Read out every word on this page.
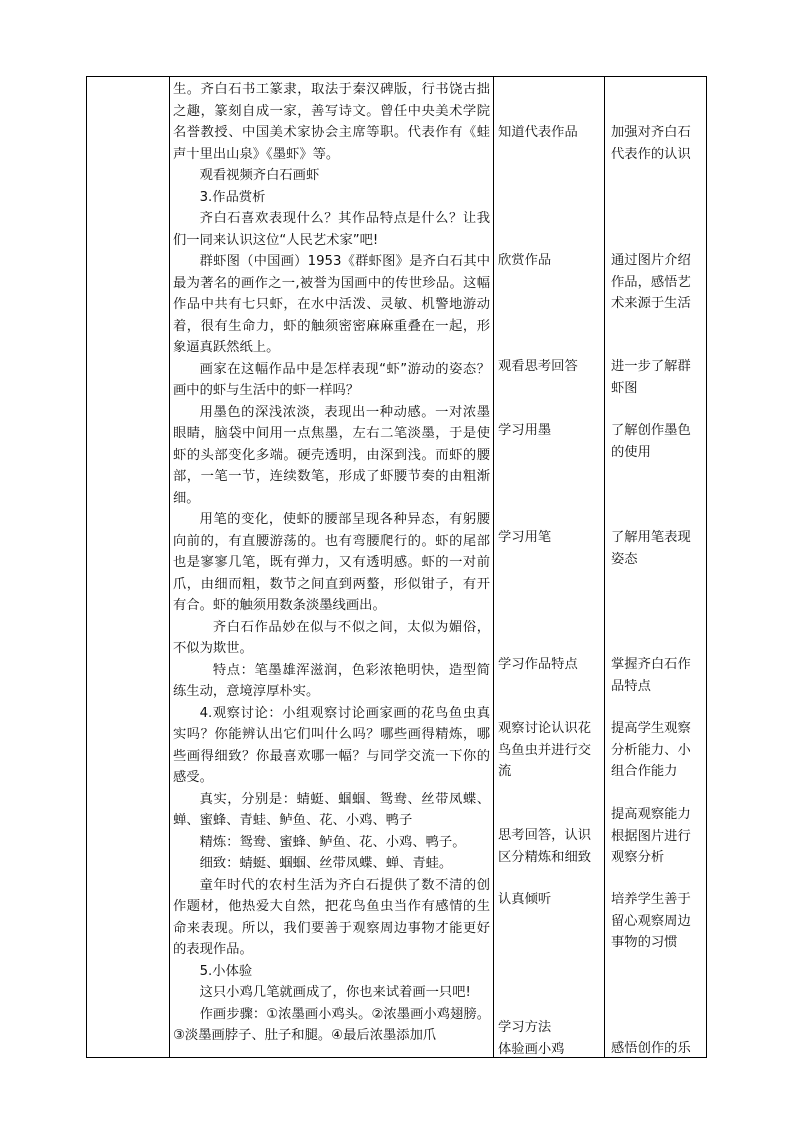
生。齐白石书工篆隶，取法于秦汉碑版，行书饶古拙之趣，篆刻自成一家，善写诗文。曾任中央美术学院名誉教授、中国美术家协会主席等职。代表作有《蛙声十里出山泉》《墨虾》等。

观看视频齐白石画虾

3.作品赏析

齐白石喜欢表现什么？其作品特点是什么？让我们一同来认识这位“人民艺术家”吧!

群虾图（中国画）1953《群虾图》是齐白石其中最为著名的画作之一,被誉为国画中的传世珍品。这幅作品中共有七只虾，在水中活泼、灵敏、机警地游动着，很有生命力，虾的触须密密麻麻重叠在一起，形象逼真跃然纸上。

画家在这幅作品中是怎样表现“虾”游动的姿态？画中的虾与生活中的虾一样吗？

用墨色的深浅浓淡，表现出一种动感。一对浓墨眼睛，脑袋中间用一点焦墨，左右二笔淡墨，于是使虾的头部变化多端。硬壳透明，由深到浅。而虾的腰部，一笔一节，连续数笔，形成了虾腰节奏的由粗渐细。

用笔的变化，使虾的腰部呈现各种异态，有躬腰向前的，有直腰游荡的。也有弯腰爬行的。虾的尾部也是寥寥几笔，既有弹力，又有透明感。虾的一对前爪，由细而粗，数节之间直到两螯，形似钳子，有开有合。虾的触须用数条淡墨线画出。

齐白石作品妙在似与不似之间，太似为媚俗，不似为欺世。

特点：笔墨雄浑滋润，色彩浓艳明快，造型简练生动，意境淳厚朴实。

4.观察讨论：小组观察讨论画家画的花鸟鱼虫真实吗？你能辨认出它们叫什么吗？哪些画得精炼，哪些画得细致？你最喜欢哪一幅？与同学交流一下你的感受。

真实，分别是：蜻蜓、蝈蝈、鸳鸯、丝带凤蝶、蝉、蜜蜂、青蛙、鲈鱼、花、小鸡、鸭子

精炼：鸳鸯、蜜蜂、鲈鱼、花、小鸡、鸭子。

细致：蜻蜓、蝈蝈、丝带凤蝶、蝉、青蛙。

童年时代的农村生活为齐白石提供了数不清的创作题材，他热爱大自然，把花鸟鱼虫当作有感情的生命来表现。所以，我们要善于观察周边事物才能更好的表现作品。

5.小体验

这只小鸡几笔就画成了，你也来试着画一只吧!

作画步骤：①浓墨画小鸡头。②浓墨画小鸡翅膀。③淡墨画脖子、肚子和腿。④最后浓墨添加爪

知道代表作品
欣赏作品
观看思考回答
学习用墨
学习用笔
学习作品特点
观察讨论认识花鸟鱼虫并进行交流
思考回答，认识区分精炼和细致
认真倾听
学习方法
体验画小鸡
加强对齐白石代表作的认识
通过图片介绍作品，感悟艺术来源于生活
进一步了解群虾图
了解创作墨色的使用
了解用笔表现姿态
掌握齐白石作品特点
提高学生观察分析能力、小组合作能力
提高观察能力根据图片进行观察分析
培养学生善于留心观察周边事物的习惯
感悟创作的乐
